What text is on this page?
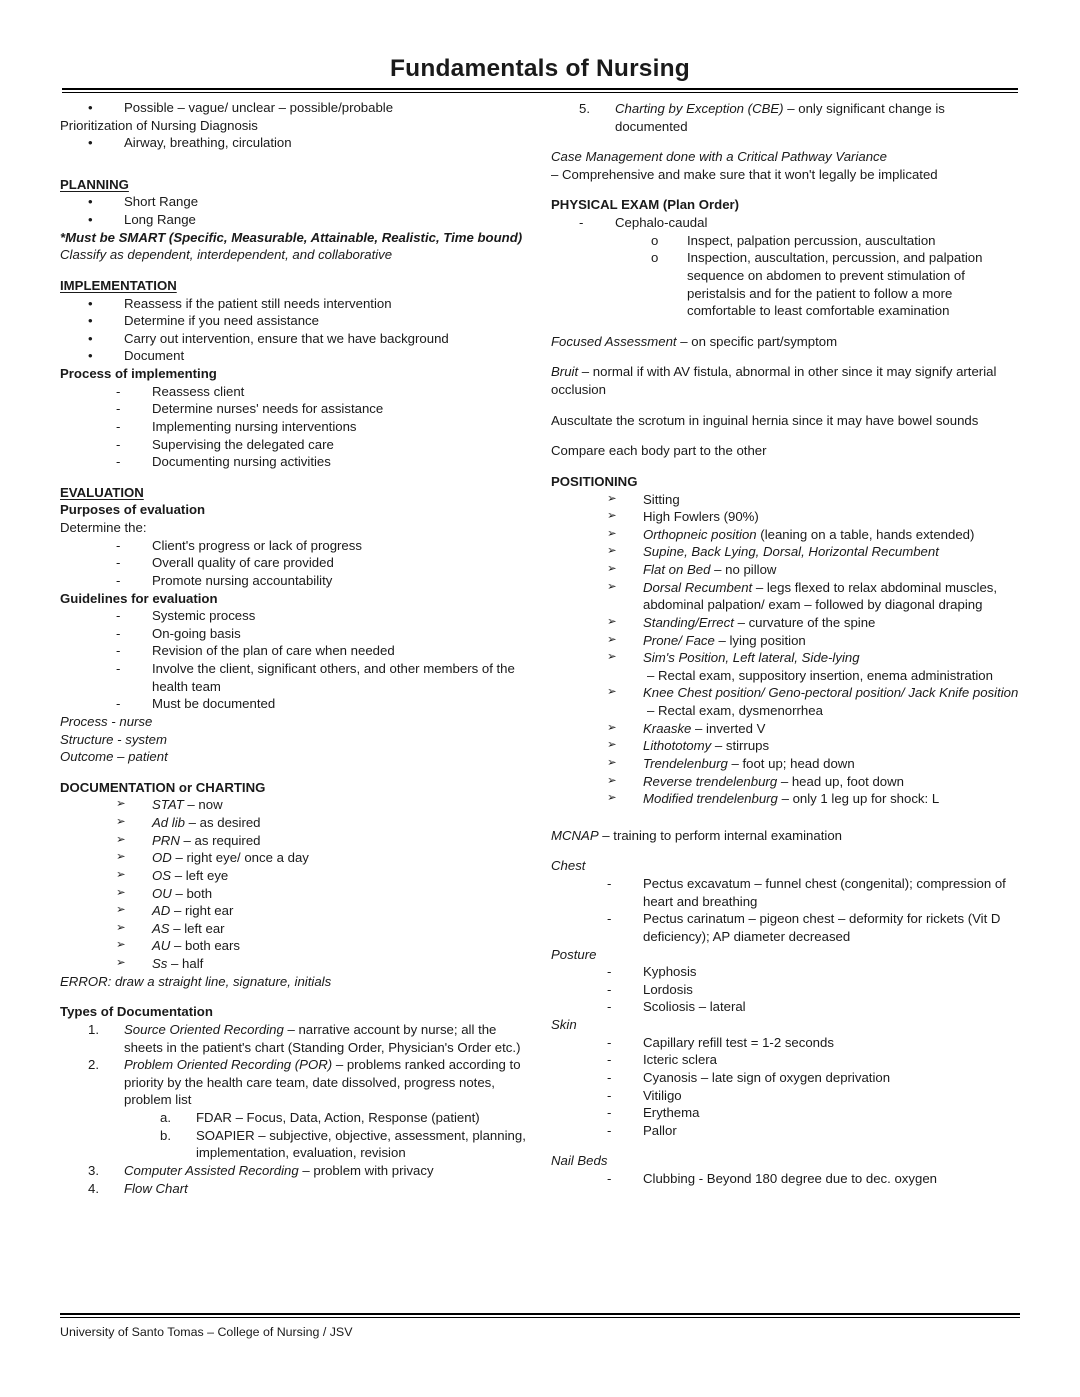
Fundamentals of Nursing
•	Possible – vague/ unclear – possible/probable
Prioritization of Nursing Diagnosis
•	Airway, breathing, circulation
PLANNING
•	Short Range
•	Long Range
*Must be SMART (Specific, Measurable, Attainable, Realistic, Time bound)
Classify as dependent, interdependent, and collaborative
IMPLEMENTATION
•	Reassess if the patient still needs intervention
•	Determine if you need assistance
•	Carry out intervention, ensure that we have background
•	Document
Process of implementing
-	Reassess client
-	Determine nurses' needs for assistance
-	Implementing nursing interventions
-	Supervising the delegated care
-	Documenting nursing activities
EVALUATION
Purposes of evaluation
Determine the:
-	Client's progress or lack of progress
-	Overall quality of care provided
-	Promote nursing accountability
Guidelines for evaluation
-	Systemic process
-	On-going basis
-	Revision of the plan of care when needed
-	Involve the client, significant others, and other members of the health team
-	Must be documented
Process - nurse
Structure - system
Outcome – patient
DOCUMENTATION or CHARTING
➢	STAT – now
➢	Ad lib – as desired
➢	PRN – as required
➢	OD – right eye/ once a day
➢	OS – left eye
➢	OU – both
➢	AD – right ear
➢	AS – left ear
➢	AU – both ears
➢	Ss – half
ERROR: draw a straight line, signature, initials
Types of Documentation
1.	Source Oriented Recording – narrative account by nurse; all the sheets in the patient's chart (Standing Order, Physician's Order etc.)
2.	Problem Oriented Recording (POR) – problems ranked according to priority by the health care team, date dissolved, progress notes, problem list
a.	FDAR – Focus, Data, Action, Response (patient)
b.	SOAPIER – subjective, objective, assessment, planning, implementation, evaluation, revision
3.	Computer Assisted Recording – problem with privacy
4.	Flow Chart
5.	Charting by Exception (CBE) – only significant change is documented
Case Management done with a Critical Pathway Variance
– Comprehensive and make sure that it won't legally be implicated
PHYSICAL EXAM (Plan Order)
-	Cephalo-caudal
o	Inspect, palpation percussion, auscultation
o	Inspection, auscultation, percussion, and palpation sequence on abdomen to prevent stimulation of peristalsis and for the patient to follow a more comfortable to least comfortable examination
Focused Assessment – on specific part/symptom
Bruit – normal if with AV fistula, abnormal in other since it may signify arterial occlusion
Auscultate the scrotum in inguinal hernia since it may have bowel sounds
Compare each body part to the other
POSITIONING
➢	Sitting
➢	High Fowlers (90%)
➢	Orthopneic position (leaning on a table, hands extended)
➢	Supine, Back Lying, Dorsal, Horizontal Recumbent
➢	Flat on Bed – no pillow
➢	Dorsal Recumbent – legs flexed to relax abdominal muscles, abdominal palpation/ exam – followed by diagonal draping
➢	Standing/Errect – curvature of the spine
➢	Prone/ Face – lying position
➢	Sim's Position, Left lateral, Side-lying
– Rectal exam, suppository insertion, enema administration
➢	Knee Chest position/ Geno-pectoral position/ Jack Knife position
– Rectal exam, dysmenorrhea
➢	Kraaske – inverted V
➢	Lithototomy – stirrups
➢	Trendelenburg – foot up; head down
➢	Reverse trendelenburg – head up, foot down
➢	Modified trendelenburg – only 1 leg up for shock: L
MCNAP – training to perform internal examination
Chest
-	Pectus excavatum – funnel chest (congenital); compression of heart and breathing
-	Pectus carinatum – pigeon chest – deformity for rickets (Vit D deficiency); AP diameter decreased
Posture
-	Kyphosis
-	Lordosis
-	Scoliosis – lateral
Skin
-	Capillary refill test = 1-2 seconds
-	Icteric sclera
-	Cyanosis – late sign of oxygen deprivation
-	Vitiligo
-	Erythema
-	Pallor
Nail Beds
-	Clubbing - Beyond 180 degree due to dec. oxygen
University of Santo Tomas – College of Nursing / JSV
